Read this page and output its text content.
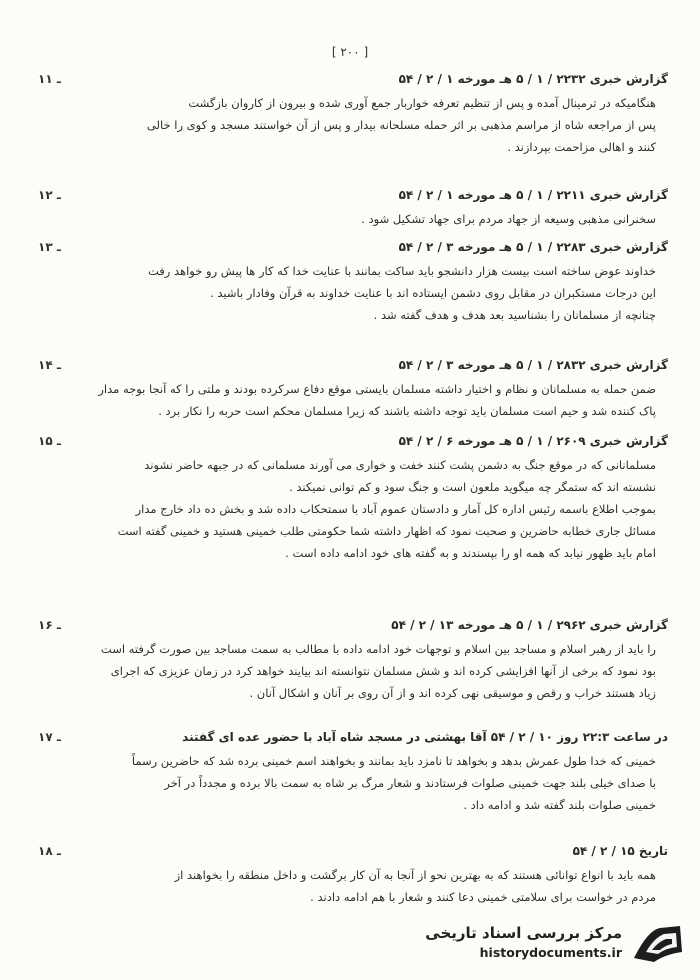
[ ۲۰۰ ]
۱۱ ـ	گزارش خبری ۲۲۳۲ / ۱ / ۵ هـ مورخه ۱ / ۲ / ۵۴
هنگامیکه در ترمینال آمده و پس از تنظیم تعرفه خواربار جمع آوری شده و بیرون از کاروان بازگشت
پس از مراجعه شاه از مراسم مذهبی بر اثر حمله مسلحانه بیدار و پس از آن خواستند مسجد و کوی را خالی
کنند و اهالی مزاحمت بپردازند .
۱۲ ـ	گزارش خبری ۲۲۱۱ / ۱ / ۵ هـ مورخه ۱ / ۲ / ۵۴
سخنرانی مذهبی وسیعه از جهاد مردم برای جهاد تشکیل شود .
۱۳ ـ	گزارش خبری ۲۲۸۳ / ۱ / ۵ هـ مورخه ۳ / ۲ / ۵۴
خداوند عوض ساخته است بیست هزار دانشجو باید ساکت بمانند با عنایت خدا که کار ها پیش رو خواهد رفت
این درجات مستکبران در مقابل روی دشمن ایستاده اند با عنایت خداوند به قرآن وفادار باشید .
چنانچه از مسلمانان را بشناسید بعد هدف و هدف گفته شد .
۱۴ ـ	گزارش خبری ۲۸۳۲ / ۱ / ۵ هـ مورخه ۳ / ۲ / ۵۴
ضمن حمله به مسلمانان و نظام و اختیار داشته مسلمان بایستی موقع دفاع سرکرده بودند و ملتی را که آنجا بوجه مدار
پاک کننده شد و حیم است مسلمان باید توجه داشته باشند که زیرا مسلمان محکم است حربه را نکار برد .
۱۵ ـ	گزارش خبری ۲۶۰۹ / ۱ / ۵ هـ مورخه ۶ / ۲ / ۵۴
مسلمانانی که در موقع جنگ به دشمن پشت کنند خفت و خواری می آورند مسلمانی که در جبهه حاضر نشوند
نشسته اند که ستمگر چه میگوید ملعون است و جنگ سود و کم توانی نمیکند .
بموجب اطلاع باسمه رئیس اداره کل آمار و دادستان عموم آباد با سمتحکاب داده شد و بخش ده داد خارج مدار
مسائل جاری خطابه حاضرین و صحبت نمود که اظهار داشته شما حکومتی طلب خمینی هستید و خمینی گفته است
امام باید ظهور نیابد که همه او را بپسندند و به گفته های خود ادامه داده است .
۱۶ ـ	گزارش خبری ۲۹۶۲ / ۱ / ۵ هـ مورخه ۱۳ / ۲ / ۵۴
را باید از رهبر اسلام و مساجد بین اسلام و توجهات خود ادامه داده با مطالب به سمت مساجد بین صورت گرفته است
بود نمود که برخی از آنها افزایشی کرده اند و شش مسلمان نتوانسته اند بیایند خواهد کرد در زمان عزیزی که اجرای
زیاد هستند خراب و رقص و موسیقی نهی کرده اند و از آن روی بر آنان و اشکال آنان .
۱۷ ـ	در ساعت ۲۲:۳ روز ۱۰ / ۲ / ۵۴ آقا بهشتی در مسجد شاه آباد با حضور عده ای گفتند
خمینی که خدا طول عمرش بدهد و بخواهد تا نامزد باید بمانند و بخواهند اسم خمینی برده شد که حاضرین رسماً
با صدای خیلی بلند جهت خمینی صلوات فرستادند و شعار مرگ بر شاه به سمت بالا برده و مجدداً در آخر
خمینی صلوات بلند گفته شد و ادامه داد .
۱۸ ـ	تاریخ ۱۵ / ۲ / ۵۴
همه باید با انواع توانائی هستند که به بهترین نحو از آنجا به آن کار برگشت و داخل منطقه را بخواهند از
مردم در خواست برای سلامتی خمینی دعا کنند و شعار با هم ادامه دادند .
مرکز بررسی اسناد تاریخی
historydocuments.ir
